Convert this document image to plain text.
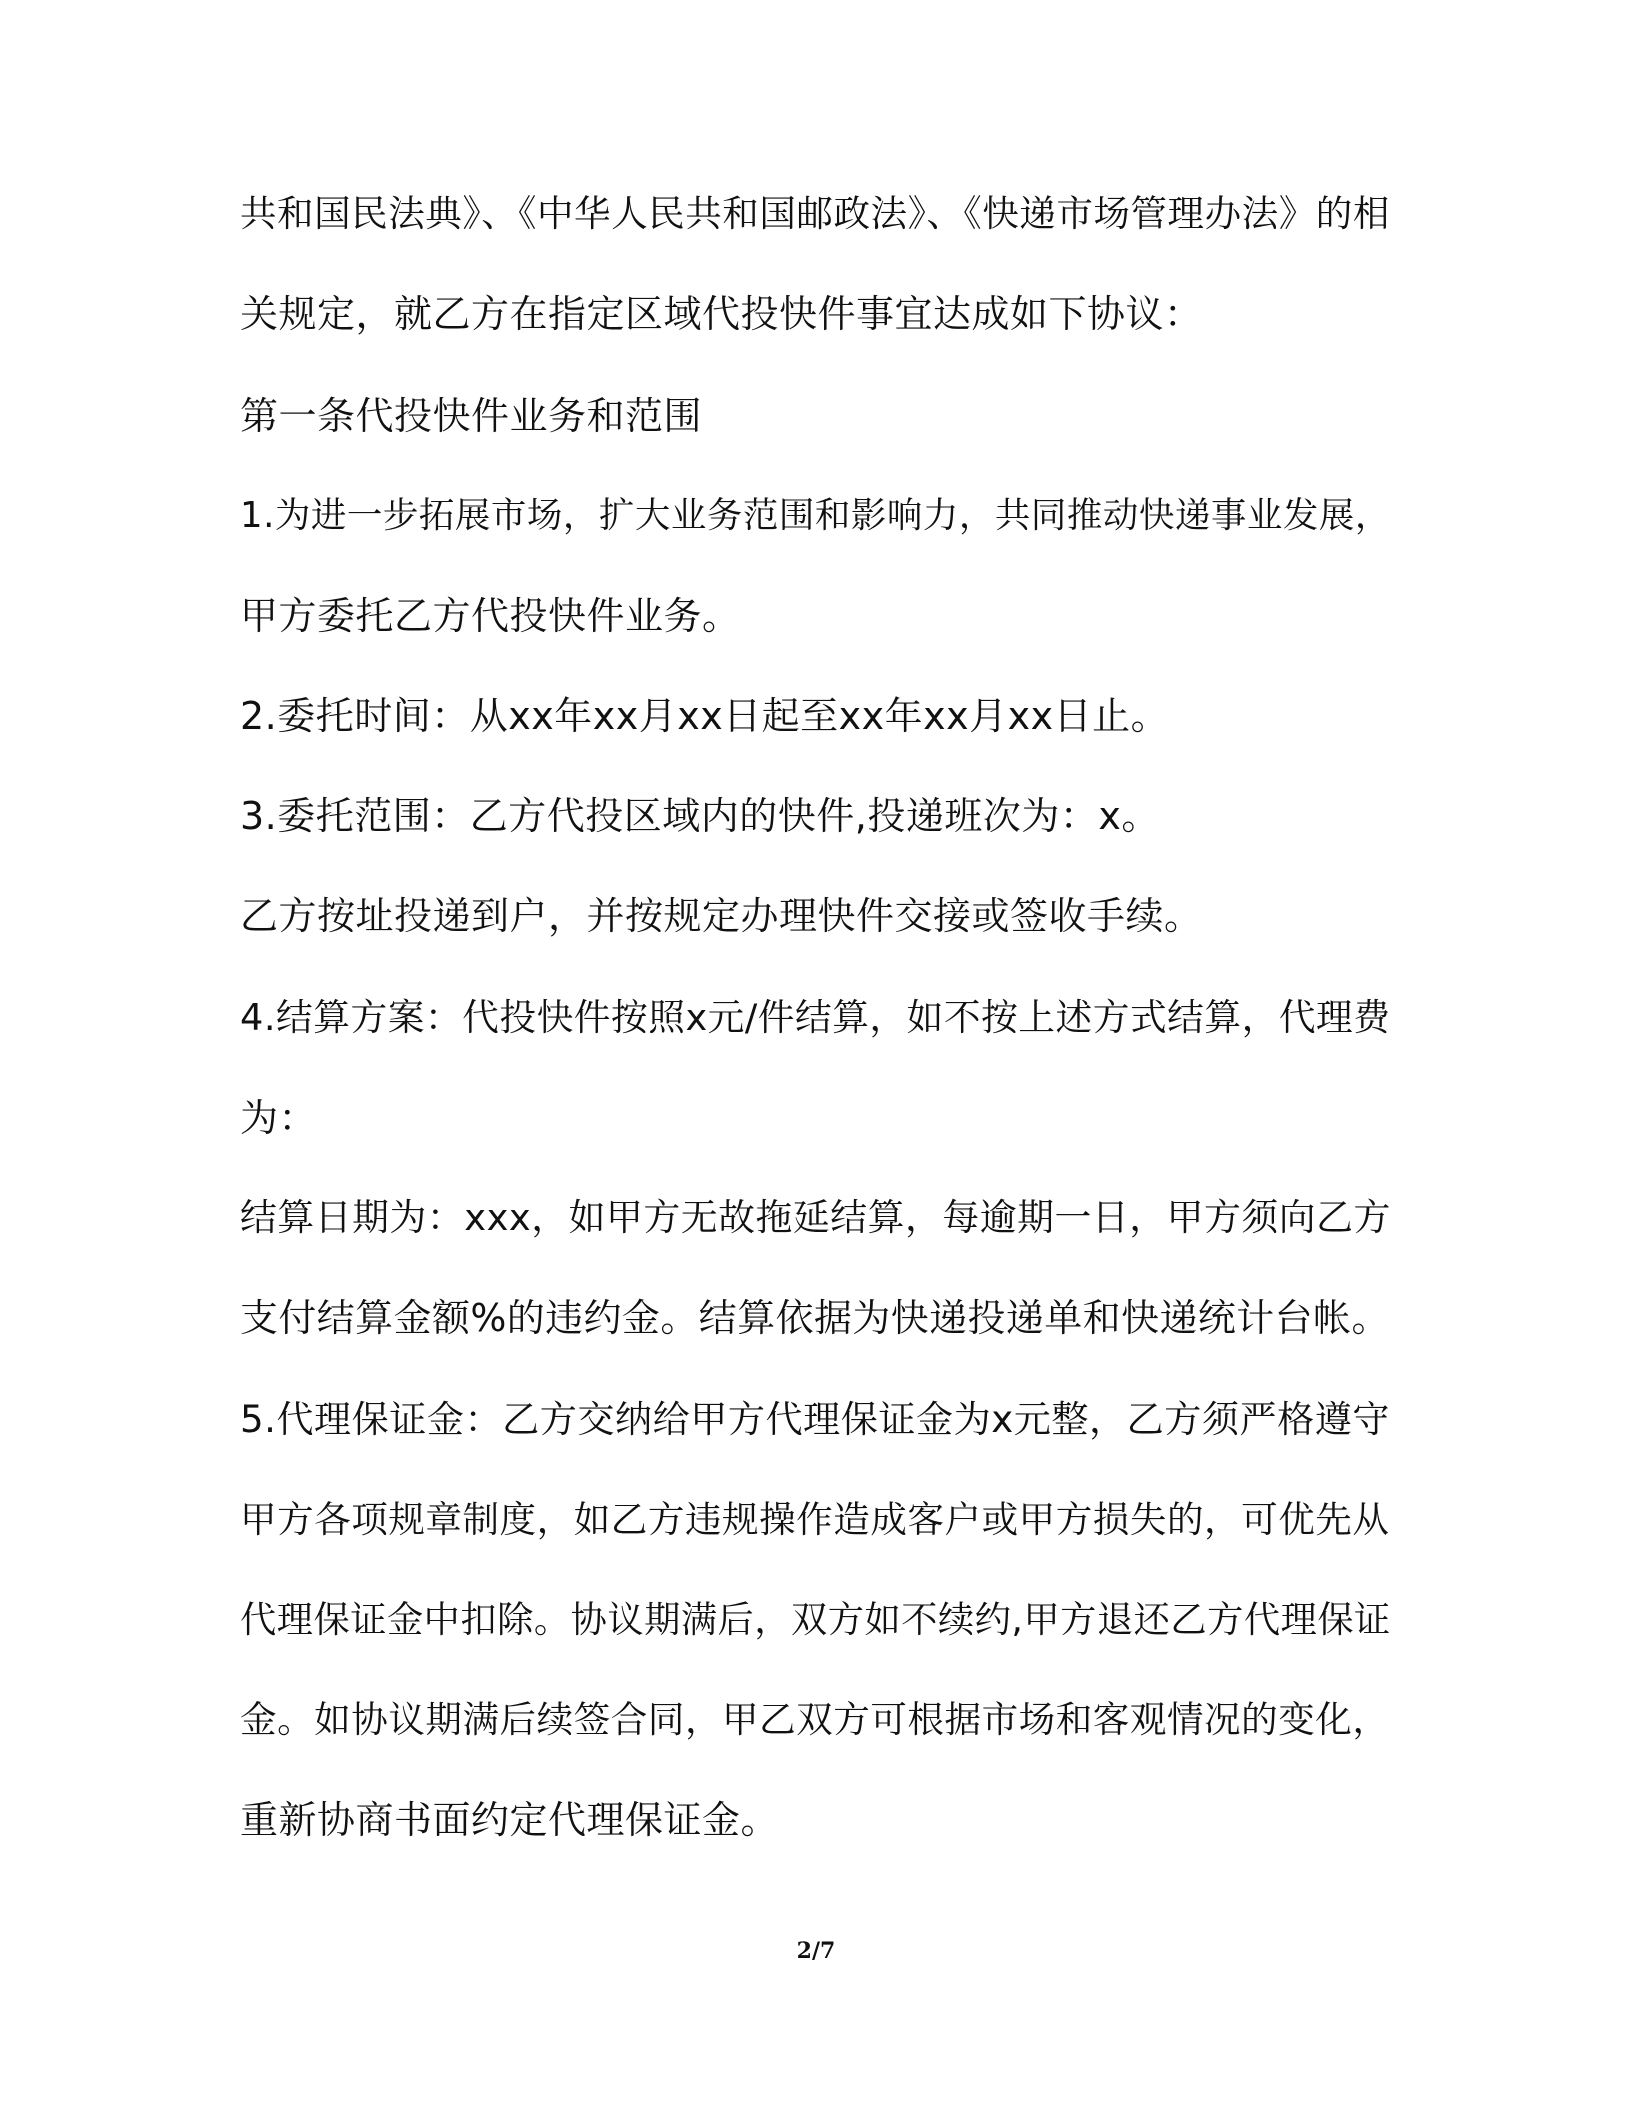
共和国民法典》、《中华人民共和国邮政法》、《快递市场管理办法》的相
关规定，就乙方在指定区域代投快件事宜达成如下协议：
第一条代投快件业务和范围
1.为进一步拓展市场，扩大业务范围和影响力，共同推动快递事业发展，
甲方委托乙方代投快件业务。
2.委托时间：从xx年xx月xx日起至xx年xx月xx日止。
3.委托范围：乙方代投区域内的快件,投递班次为：x。
乙方按址投递到户，并按规定办理快件交接或签收手续。
4.结算方案：代投快件按照x元/件结算，如不按上述方式结算，代理费
为：
结算日期为：xxx，如甲方无故拖延结算，每逾期一日，甲方须向乙方
支付结算金额%的违约金。结算依据为快递投递单和快递统计台帐。
5.代理保证金：乙方交纳给甲方代理保证金为x元整，乙方须严格遵守
甲方各项规章制度，如乙方违规操作造成客户或甲方损失的，可优先从
代理保证金中扣除。协议期满后，双方如不续约,甲方退还乙方代理保证
金。如协议期满后续签合同，甲乙双方可根据市场和客观情况的变化，
重新协商书面约定代理保证金。
2/7
